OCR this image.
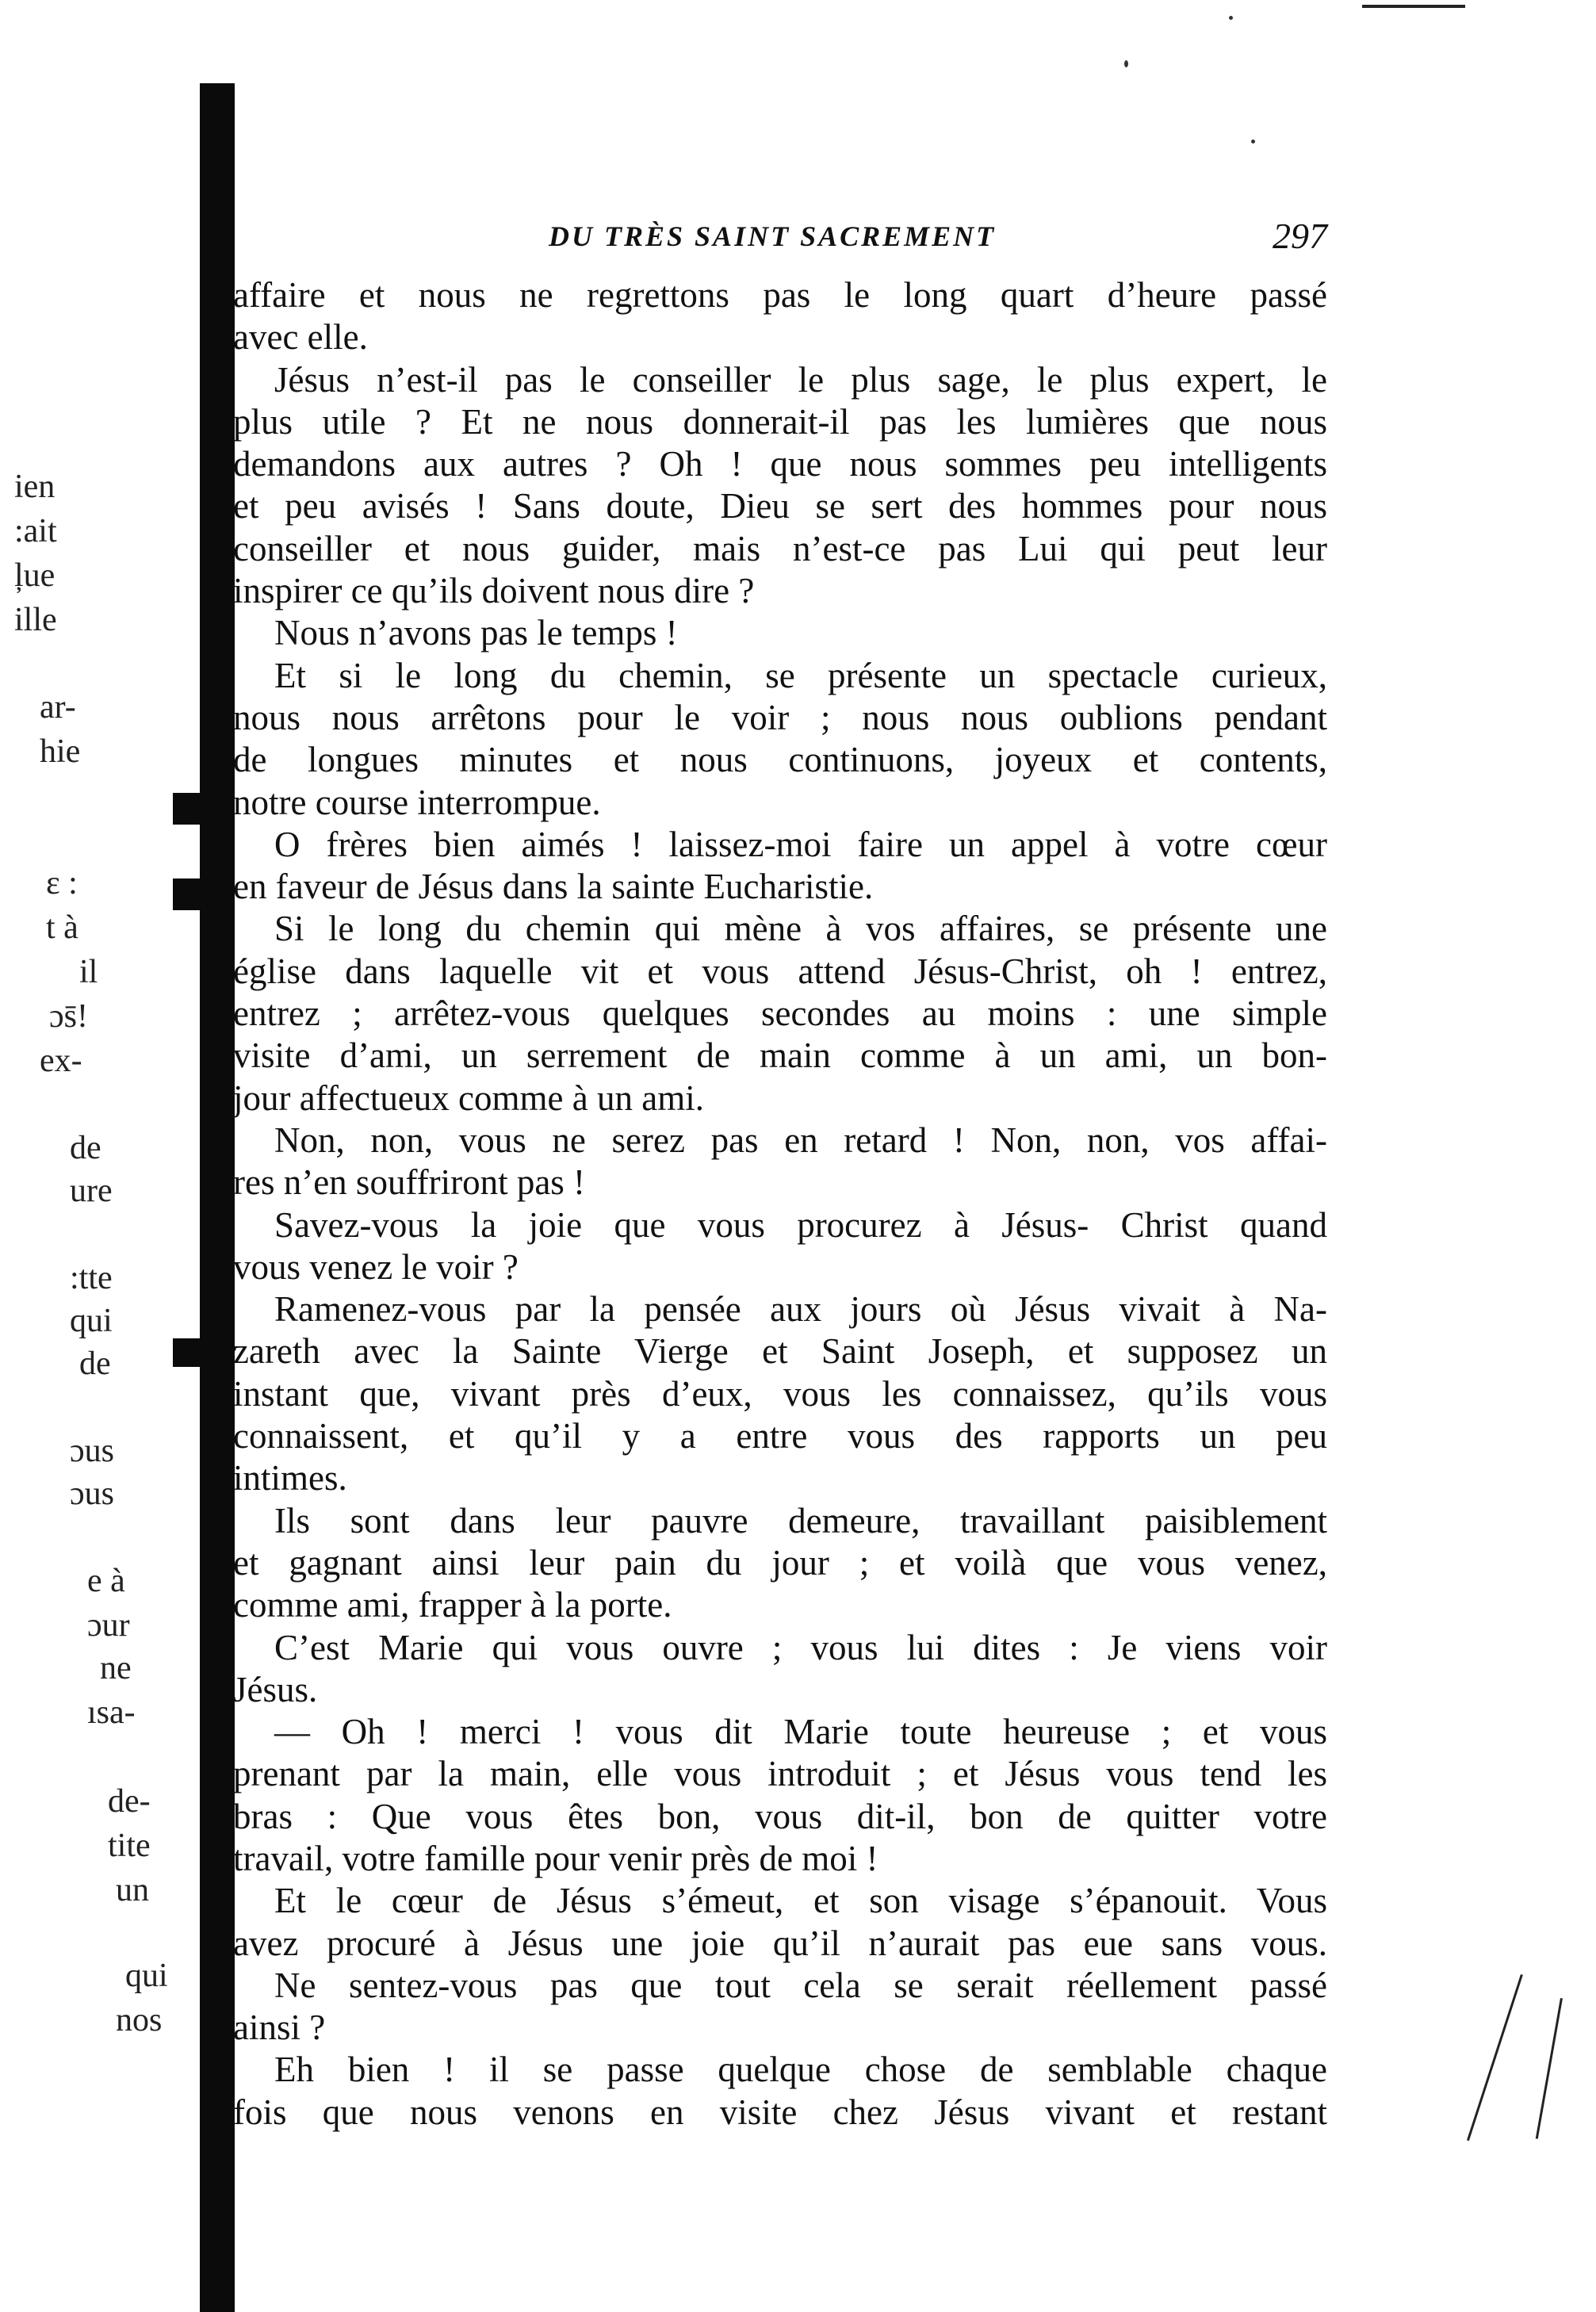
ien
:ait
ļue
ille
ar-
hie
ɛ :
t à
il
ɔs̄!
ex-
de
ure
:tte
qui
de
ɔus
ɔus
e à
ɔur
ne
ısa-
de-
tite
un
qui
nos
DU TRÈS SAINT SACREMENT	297
affaire et nous ne regrettons pas le long quart d’heure passé
avec elle.
Jésus n’est-il pas le conseiller le plus sage, le plus expert, le
plus utile ? Et ne nous donnerait-il pas les lumières que nous
demandons aux autres ? Oh ! que nous sommes peu intelligents
et peu avisés ! Sans doute, Dieu se sert des hommes pour nous
conseiller et nous guider, mais n’est-ce pas Lui qui peut leur
inspirer ce qu’ils doivent nous dire ?
Nous n’avons pas le temps !
Et si le long du chemin, se présente un spectacle curieux,
nous nous arrêtons pour le voir ; nous nous oublions pendant
de longues minutes et nous continuons, joyeux et contents,
notre course interrompue.
O frères bien aimés ! laissez-moi faire un appel à votre cœur
en faveur de Jésus dans la sainte Eucharistie.
Si le long du chemin qui mène à vos affaires, se présente une
église dans laquelle vit et vous attend Jésus-Christ, oh ! entrez,
entrez ; arrêtez-vous quelques secondes au moins : une simple
visite d’ami, un serrement de main comme à un ami, un bon-
jour affectueux comme à un ami.
Non, non, vous ne serez pas en retard ! Non, non, vos affai-
res n’en souffriront pas !
Savez-vous la joie que vous procurez à Jésus- Christ quand
vous venez le voir ?
Ramenez-vous par la pensée aux jours où Jésus vivait à Na-
zareth avec la Sainte Vierge et Saint Joseph, et supposez un
instant que, vivant près d’eux, vous les connaissez, qu’ils vous
connaissent, et qu’il y a entre vous des rapports un peu
intimes.
Ils sont dans leur pauvre demeure, travaillant paisiblement
et gagnant ainsi leur pain du jour ; et voilà que vous venez,
comme ami, frapper à la porte.
C’est Marie qui vous ouvre ; vous lui dites : Je viens voir
Jésus.
— Oh ! merci ! vous dit Marie toute heureuse ; et vous
prenant par la main, elle vous introduit ; et Jésus vous tend les
bras : Que vous êtes bon, vous dit-il, bon de quitter votre
travail, votre famille pour venir près de moi !
Et le cœur de Jésus s’émeut, et son visage s’épanouit. Vous
avez procuré à Jésus une joie qu’il n’aurait pas eue sans vous.
Ne sentez-vous pas que tout cela se serait réellement passé
ainsi ?
Eh bien ! il se passe quelque chose de semblable chaque
fois que nous venons en visite chez Jésus vivant et restant
